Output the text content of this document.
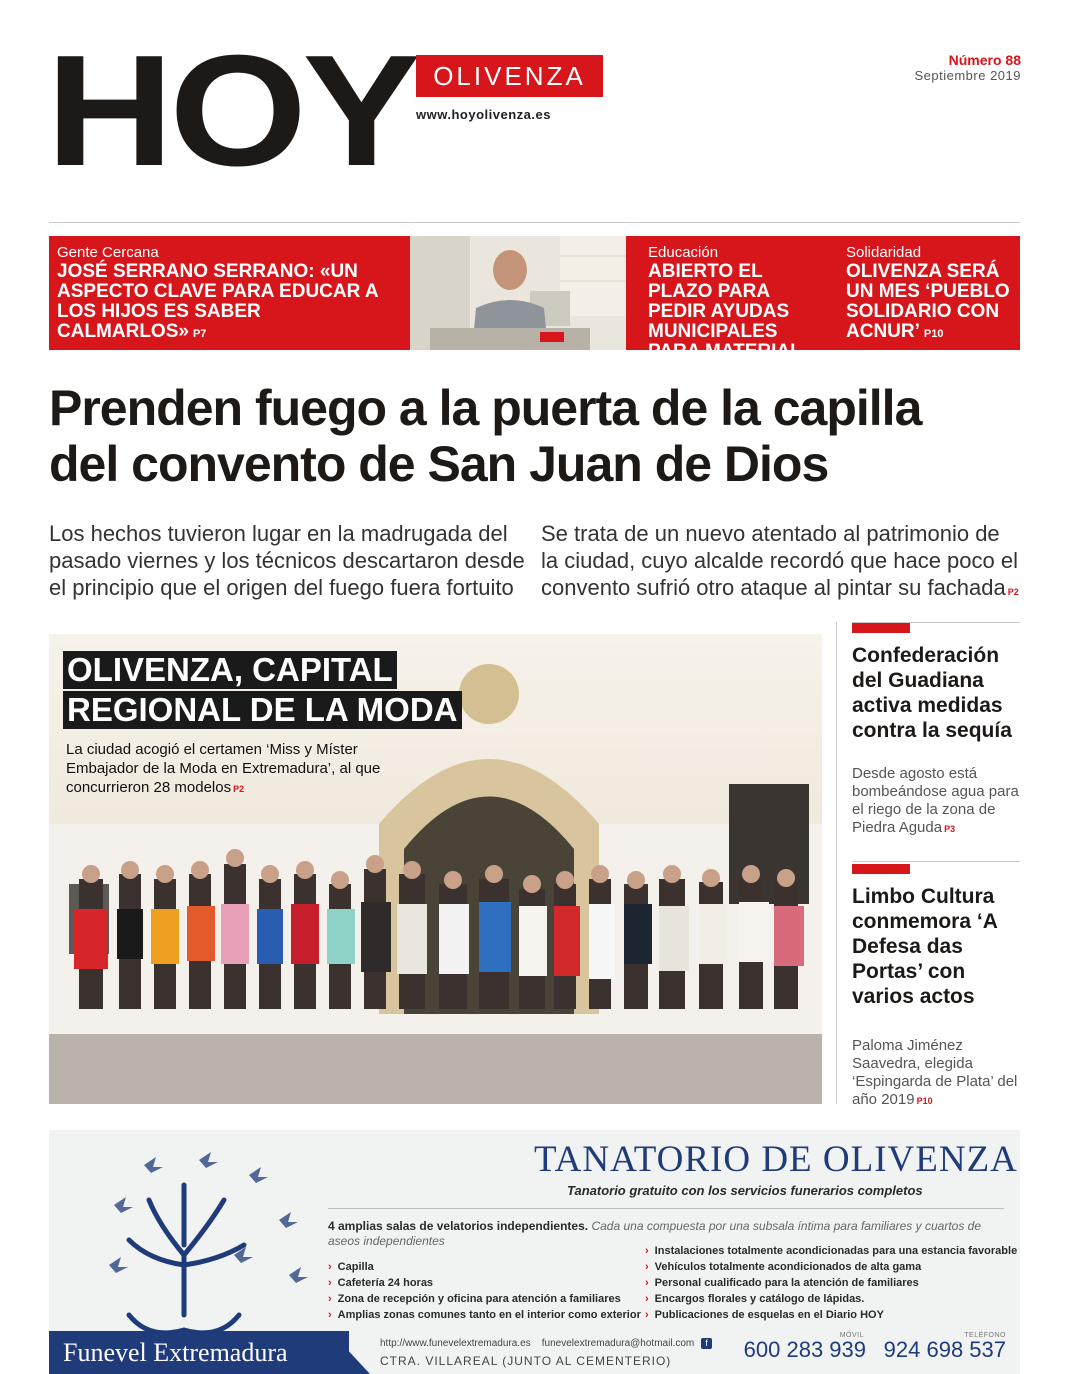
HOY OLIVENZA
www.hoyolivenza.es
Número 88
Septiembre 2019
Gente Cercana
JOSÉ SERRANO SERRANO: «UN ASPECTO CLAVE PARA EDUCAR A LOS HIJOS ES SABER CALMARLOS» P7
Educación
ABIERTO EL PLAZO PARA PEDIR AYUDAS MUNICIPALES PARA MATERIAL ESCOLAR P10
Solidaridad
OLIVENZA SERÁ UN MES ‘PUEBLO SOLIDARIO CON ACNUR’ P10
Prenden fuego a la puerta de la capilla
del convento de San Juan de Dios
Los hechos tuvieron lugar en la madrugada del pasado viernes y los técnicos descartaron desde el principio que el origen del fuego fuera fortuito
Se trata de un nuevo atentado al patrimonio de la ciudad, cuyo alcalde recordó que hace poco el convento sufrió otro ataque al pintar su fachada P2
OLIVENZA, CAPITAL
REGIONAL DE LA MODA
La ciudad acogió el certamen ‘Miss y Míster Embajador de la Moda en Extremadura’, al que concurrieron 28 modelos P2
Confederación del Guadiana activa medidas contra la sequía
Desde agosto está bombeándose agua para el riego de la zona de Piedra Aguda P3
Limbo Cultura conmemora ‘A Defesa das Portas’ con varios actos
Paloma Jiménez Saavedra, elegida ‘Espingarda de Plata’ del año 2019 P10
TANATORIO DE OLIVENZA
Tanatorio gratuito con los servicios funerarios completos
4 amplias salas de velatorios independientes. Cada una compuesta por una subsala íntima para familiares y cuartos de aseos independientes
› Capilla
› Cafetería 24 horas
› Zona de recepción y oficina para atención a familiares
› Amplias zonas comunes tanto en el interior como exterior
› Instalaciones totalmente acondicionadas para una estancia favorable
› Vehículos totalmente acondicionados de alta gama
› Personal cualificado para la atención de familiares
› Encargos florales y catálogo de lápidas.
› Publicaciones de esquelas en el Diario HOY
Funevel Extremadura	http://www.funevelextremadura.es funevelextremadura@hotmail.com f
CTRA. VILLAREAL (JUNTO AL CEMENTERIO)
MÓVIL
600 283 939
TELÉFONO
924 698 537
